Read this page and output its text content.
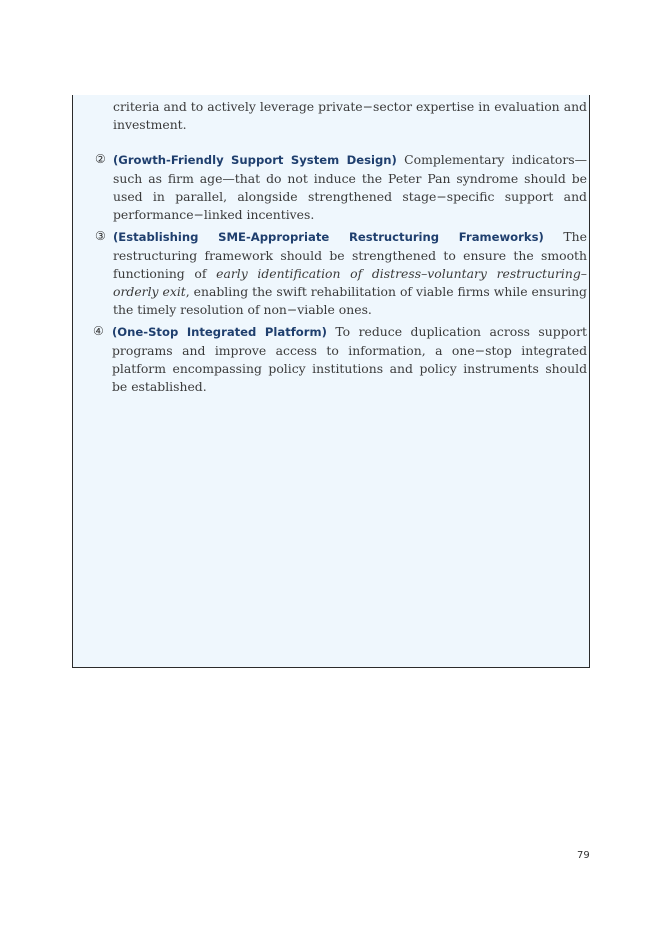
criteria and to actively leverage private−sector expertise in evaluation and investment.
② (Growth-Friendly Support System Design) Complementary indicators—such as firm age—that do not induce the Peter Pan syndrome should be used in parallel, alongside strengthened stage−specific support and performance−linked incentives.
③ (Establishing SME-Appropriate Restructuring Frameworks) The restructuring framework should be strengthened to ensure the smooth functioning of early identification of distress–voluntary restructuring–orderly exit, enabling the swift rehabilitation of viable firms while ensuring the timely resolution of non−viable ones.
④ (One-Stop Integrated Platform) To reduce duplication across support programs and improve access to information, a one−stop integrated platform encompassing policy institutions and policy instruments should be established.
79
